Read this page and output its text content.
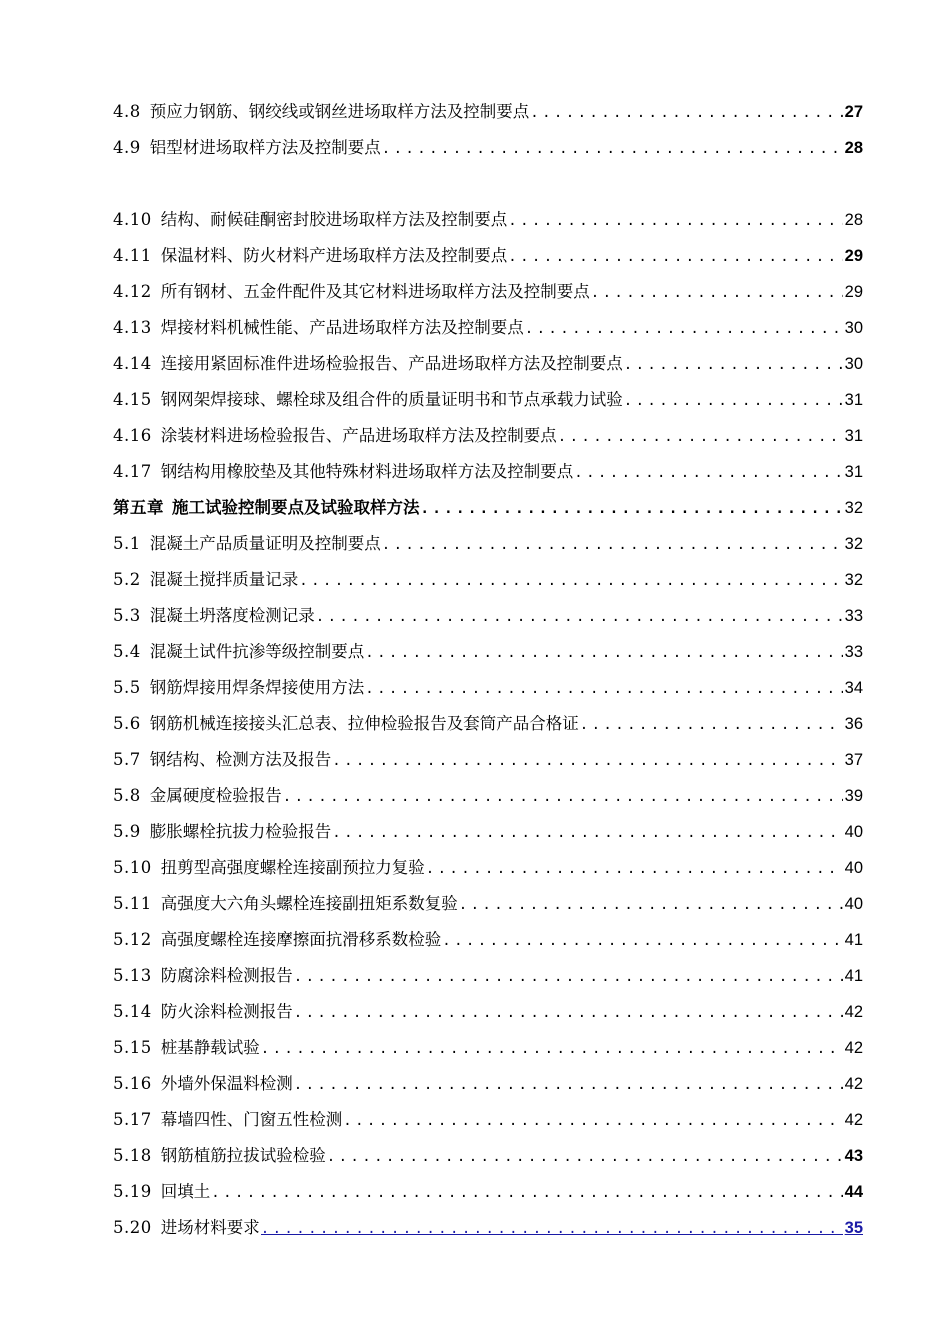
4.8 预应力钢筋、钢绞线或钢丝进场取样方法及控制要点 .....	27
4.9 铝型材进场取样方法及控制要点 .....	28
4.10 结构、耐候硅酮密封胶进场取样方法及控制要点 .....	28
4.11 保温材料、防火材料产进场取样方法及控制要点 .....	29
4.12 所有钢材、五金件配件及其它材料进场取样方法及控制要点 .....	29
4.13 焊接材料机械性能、产品进场取样方法及控制要点 .....	30
4.14 连接用紧固标准件进场检验报告、产品进场取样方法及控制要点 .....	30
4.15 钢网架焊接球、螺栓球及组合件的质量证明书和节点承载力试验 .....	31
4.16 涂装材料进场检验报告、产品进场取样方法及控制要点 .....	31
4.17 钢结构用橡胶垫及其他特殊材料进场取样方法及控制要点 .....	31
第五章 施工试验控制要点及试验取样方法 .....	32
5.1 混凝土产品质量证明及控制要点 .....	32
5.2 混凝土搅拌质量记录 .....	32
5.3 混凝土坍落度检测记录 .....	33
5.4 混凝土试件抗渗等级控制要点 .....	33
5.5 钢筋焊接用焊条焊接使用方法 .....	34
5.6 钢筋机械连接接头汇总表、拉伸检验报告及套筒产品合格证 .....	36
5.7 钢结构、检测方法及报告 .....	37
5.8 金属硬度检验报告 .....	39
5.9 膨胀螺栓抗拔力检验报告 .....	40
5.10 扭剪型高强度螺栓连接副预拉力复验 .....	40
5.11 高强度大六角头螺栓连接副扭矩系数复验 .....	40
5.12 高强度螺栓连接摩擦面抗滑移系数检验 .....	41
5.13 防腐涂料检测报告 .....	41
5.14 防火涂料检测报告 .....	42
5.15 桩基静载试验 .....	42
5.16 外墙外保温料检测 .....	42
5.17 幕墙四性、门窗五性检测 .....	42
5.18 钢筋植筋拉拔试验检验 .....	43
5.19 回填土 .....	44
5.20 进场材料要求 .....	35
